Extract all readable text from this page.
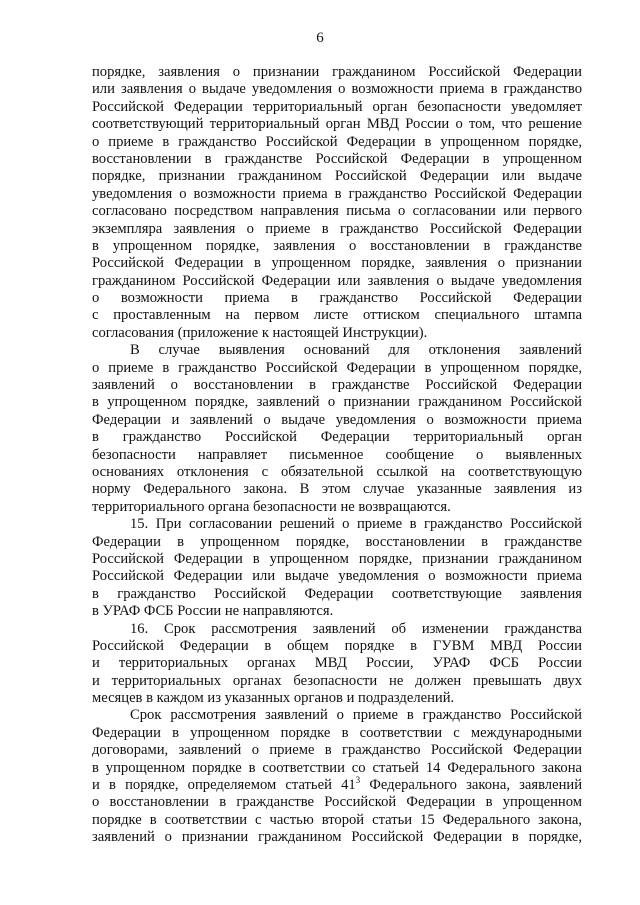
6
порядке, заявления о признании гражданином Российской Федерации
или заявления о выдаче уведомления о возможности приема в гражданство
Российской Федерации территориальный орган безопасности уведомляет
соответствующий территориальный орган МВД России о том, что решение
о приеме в гражданство Российской Федерации в упрощенном порядке,
восстановлении в гражданстве Российской Федерации в упрощенном
порядке, признании гражданином Российской Федерации или выдаче
уведомления о возможности приема в гражданство Российской Федерации
согласовано посредством направления письма о согласовании или первого
экземпляра заявления о приеме в гражданство Российской Федерации
в упрощенном порядке, заявления о восстановлении в гражданстве
Российской Федерации в упрощенном порядке, заявления о признании
гражданином Российской Федерации или заявления о выдаче уведомления
о возможности приема в гражданство Российской Федерации
с проставленным на первом листе оттиском специального штампа
согласования (приложение к настоящей Инструкции).
В случае выявления оснований для отклонения заявлений
о приеме в гражданство Российской Федерации в упрощенном порядке,
заявлений о восстановлении в гражданстве Российской Федерации
в упрощенном порядке, заявлений о признании гражданином Российской
Федерации и заявлений о выдаче уведомления о возможности приема
в гражданство Российской Федерации территориальный орган
безопасности направляет письменное сообщение о выявленных
основаниях отклонения с обязательной ссылкой на соответствующую
норму Федерального закона. В этом случае указанные заявления из
территориального органа безопасности не возвращаются.
15. При согласовании решений о приеме в гражданство Российской
Федерации в упрощенном порядке, восстановлении в гражданстве
Российской Федерации в упрощенном порядке, признании гражданином
Российской Федерации или выдаче уведомления о возможности приема
в гражданство Российской Федерации соответствующие заявления
в УРАФ ФСБ России не направляются.
16. Срок рассмотрения заявлений об изменении гражданства
Российской Федерации в общем порядке в ГУВМ МВД России
и территориальных органах МВД России, УРАФ ФСБ России
и территориальных органах безопасности не должен превышать двух
месяцев в каждом из указанных органов и подразделений.
Срок рассмотрения заявлений о приеме в гражданство Российской
Федерации в упрощенном порядке в соответствии с международными
договорами, заявлений о приеме в гражданство Российской Федерации
в упрощенном порядке в соответствии со статьей 14 Федерального закона
и в порядке, определяемом статьей $41^3$ Федерального закона, заявлений
о восстановлении в гражданстве Российской Федерации в упрощенном
порядке в соответствии с частью второй статьи 15 Федерального закона,
заявлений о признании гражданином Российской Федерации в порядке,
